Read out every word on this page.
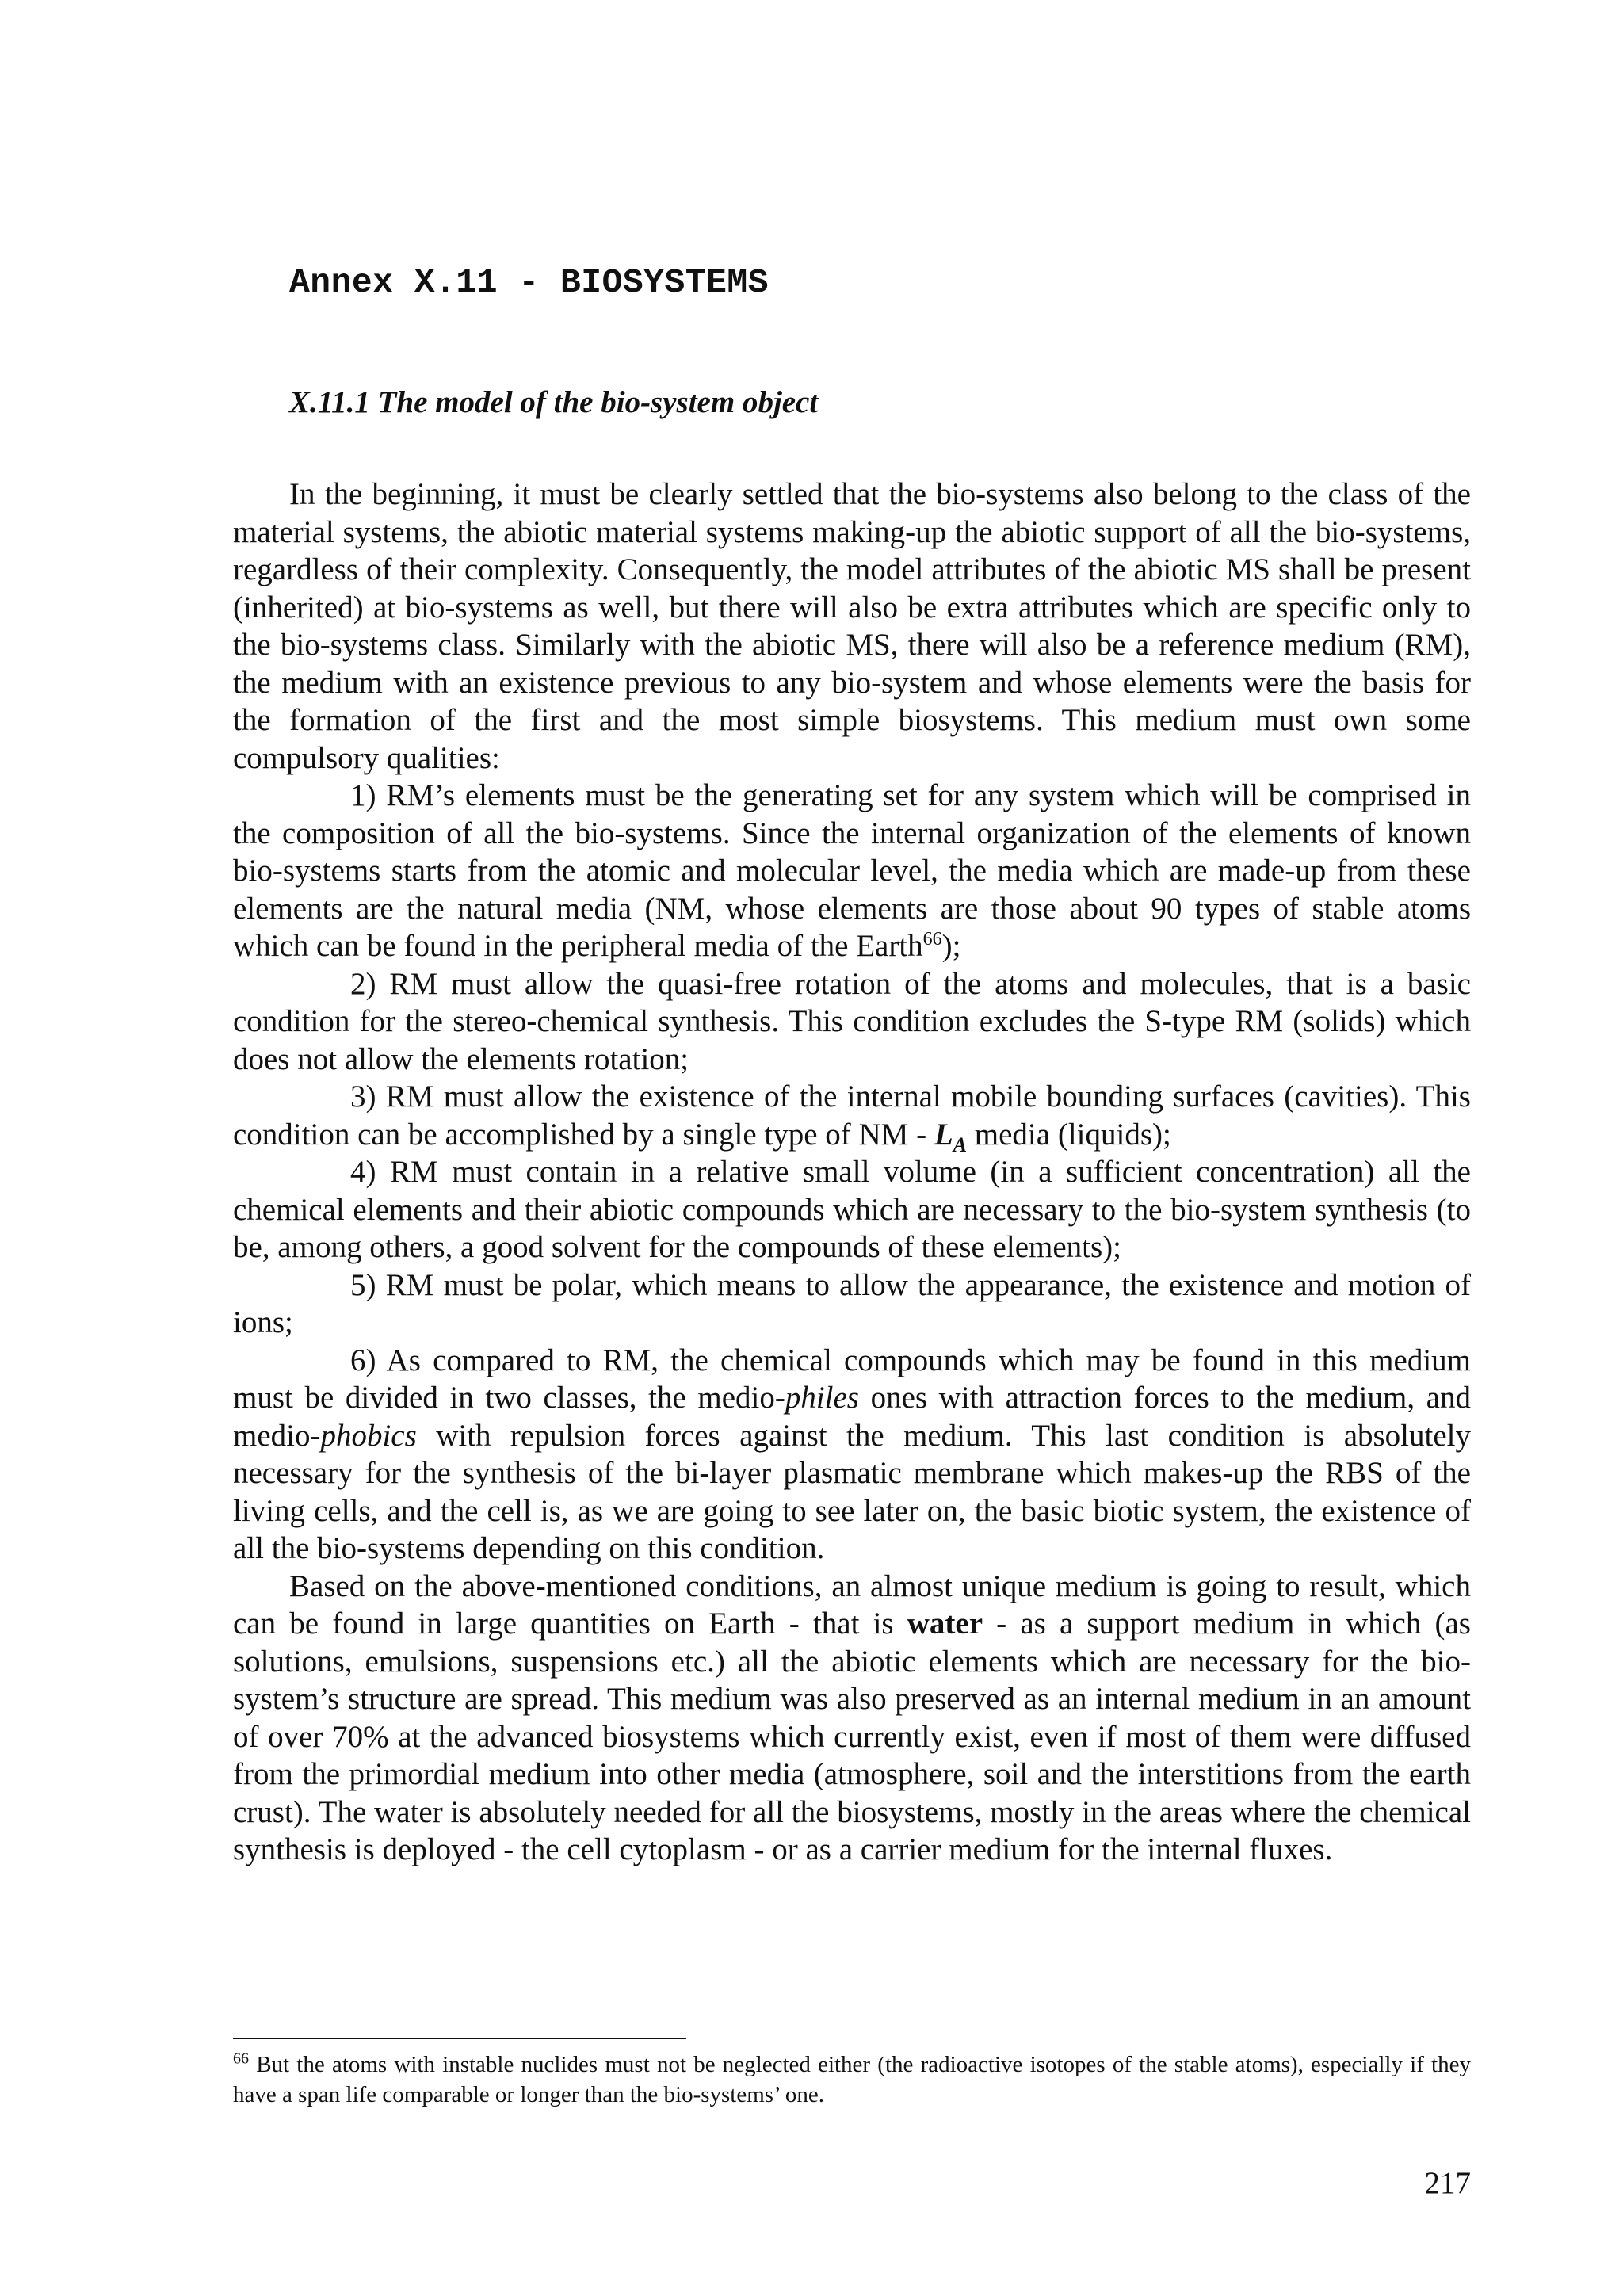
Annex X.11 - BIOSYSTEMS
X.11.1 The model of the bio-system object

In the beginning, it must be clearly settled that the bio-systems also belong to the class of the material systems, the abiotic material systems making-up the abiotic support of all the bio-systems, regardless of their complexity. Consequently, the model attributes of the abiotic MS shall be present (inherited) at bio-systems as well, but there will also be extra attributes which are specific only to the bio-systems class. Similarly with the abiotic MS, there will also be a reference medium (RM), the medium with an existence previous to any bio-system and whose elements were the basis for the formation of the first and the most simple biosystems. This medium must own some compulsory qualities:

1) RM’s elements must be the generating set for any system which will be comprised in the composition of all the bio-systems. Since the internal organization of the elements of known bio-systems starts from the atomic and molecular level, the media which are made-up from these elements are the natural media (NM, whose elements are those about 90 types of stable atoms which can be found in the peripheral media of the Earth$^{66}$);

2) RM must allow the quasi-free rotation of the atoms and molecules, that is a basic condition for the stereo-chemical synthesis. This condition excludes the S-type RM (solids) which does not allow the elements rotation;

3) RM must allow the existence of the internal mobile bounding surfaces (cavities). This condition can be accomplished by a single type of NM - $L_A$ media (liquids);

4) RM must contain in a relative small volume (in a sufficient concentration) all the chemical elements and their abiotic compounds which are necessary to the bio-system synthesis (to be, among others, a good solvent for the compounds of these elements);

5) RM must be polar, which means to allow the appearance, the existence and motion of ions;

6) As compared to RM, the chemical compounds which may be found in this medium must be divided in two classes, the medio-philes ones with attraction forces to the medium, and medio-phobics with repulsion forces against the medium. This last condition is absolutely necessary for the synthesis of the bi-layer plasmatic membrane which makes-up the RBS of the living cells, and the cell is, as we are going to see later on, the basic biotic system, the existence of all the bio-systems depending on this condition.

Based on the above-mentioned conditions, an almost unique medium is going to result, which can be found in large quantities on Earth - that is water - as a support medium in which (as solutions, emulsions, suspensions etc.) all the abiotic elements which are necessary for the bio-system’s structure are spread. This medium was also preserved as an internal medium in an amount of over 70% at the advanced biosystems which currently exist, even if most of them were diffused from the primordial medium into other media (atmosphere, soil and the interstitions from the earth crust). The water is absolutely needed for all the biosystems, mostly in the areas where the chemical synthesis is deployed - the cell cytoplasm - or as a carrier medium for the internal fluxes.

$^{66}$ But the atoms with instable nuclides must not be neglected either (the radioactive isotopes of the stable atoms), especially if they have a span life comparable or longer than the bio-systems’ one.

217
